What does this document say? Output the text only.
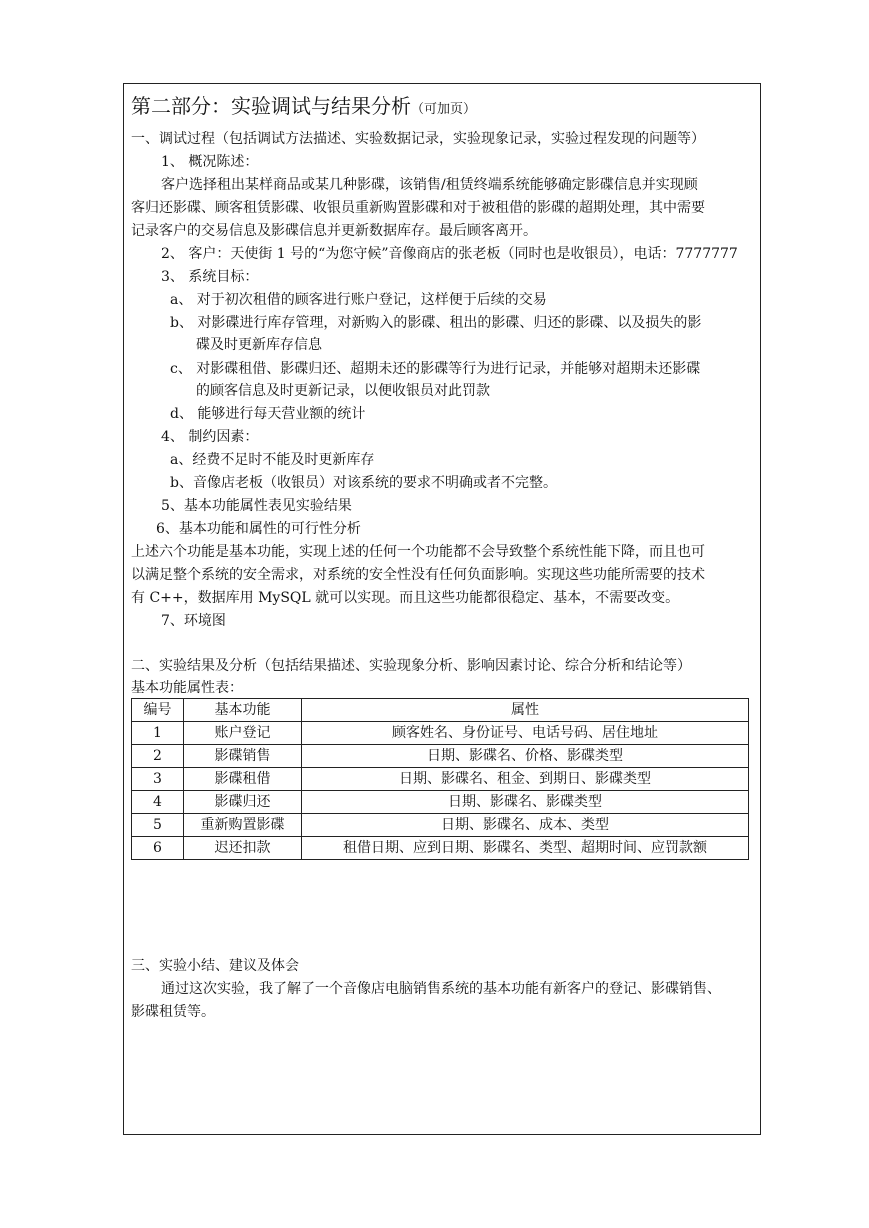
第二部分：实验调试与结果分析（可加页）
一、调试过程（包括调试方法描述、实验数据记录，实验现象记录，实验过程发现的问题等）
1、 概况陈述：
客户选择租出某样商品或某几种影碟，该销售/租赁终端系统能够确定影碟信息并实现顾
客归还影碟、顾客租赁影碟、收银员重新购置影碟和对于被租借的影碟的超期处理，其中需要
记录客户的交易信息及影碟信息并更新数据库存。最后顾客离开。
2、 客户：天使街 1 号的“为您守候”音像商店的张老板（同时也是收银员），电话：7777777
3、 系统目标：
a、 对于初次租借的顾客进行账户登记，这样便于后续的交易
b、 对影碟进行库存管理，对新购入的影碟、租出的影碟、归还的影碟、以及损失的影
碟及时更新库存信息
c、 对影碟租借、影碟归还、超期未还的影碟等行为进行记录，并能够对超期未还影碟
的顾客信息及时更新记录，以便收银员对此罚款
d、 能够进行每天营业额的统计
4、 制约因素：
a、经费不足时不能及时更新库存
b、音像店老板（收银员）对该系统的要求不明确或者不完整。
5、基本功能属性表见实验结果
6、基本功能和属性的可行性分析
上述六个功能是基本功能，实现上述的任何一个功能都不会导致整个系统性能下降，而且也可
以满足整个系统的安全需求，对系统的安全性没有任何负面影响。实现这些功能所需要的技术
有 C++，数据库用 MySQL 就可以实现。而且这些功能都很稳定、基本，不需要改变。
7、环境图
二、实验结果及分析（包括结果描述、实验现象分析、影响因素讨论、综合分析和结论等）
基本功能属性表：
编号	基本功能	属性
1	账户登记	顾客姓名、身份证号、电话号码、居住地址
2	影碟销售	日期、影碟名、价格、影碟类型
3	影碟租借	日期、影碟名、租金、到期日、影碟类型
4	影碟归还	日期、影碟名、影碟类型
5	重新购置影碟	日期、影碟名、成本、类型
6	迟还扣款	租借日期、应到日期、影碟名、类型、超期时间、应罚款额
三、实验小结、建议及体会
通过这次实验，我了解了一个音像店电脑销售系统的基本功能有新客户的登记、影碟销售、
影碟租赁等。
